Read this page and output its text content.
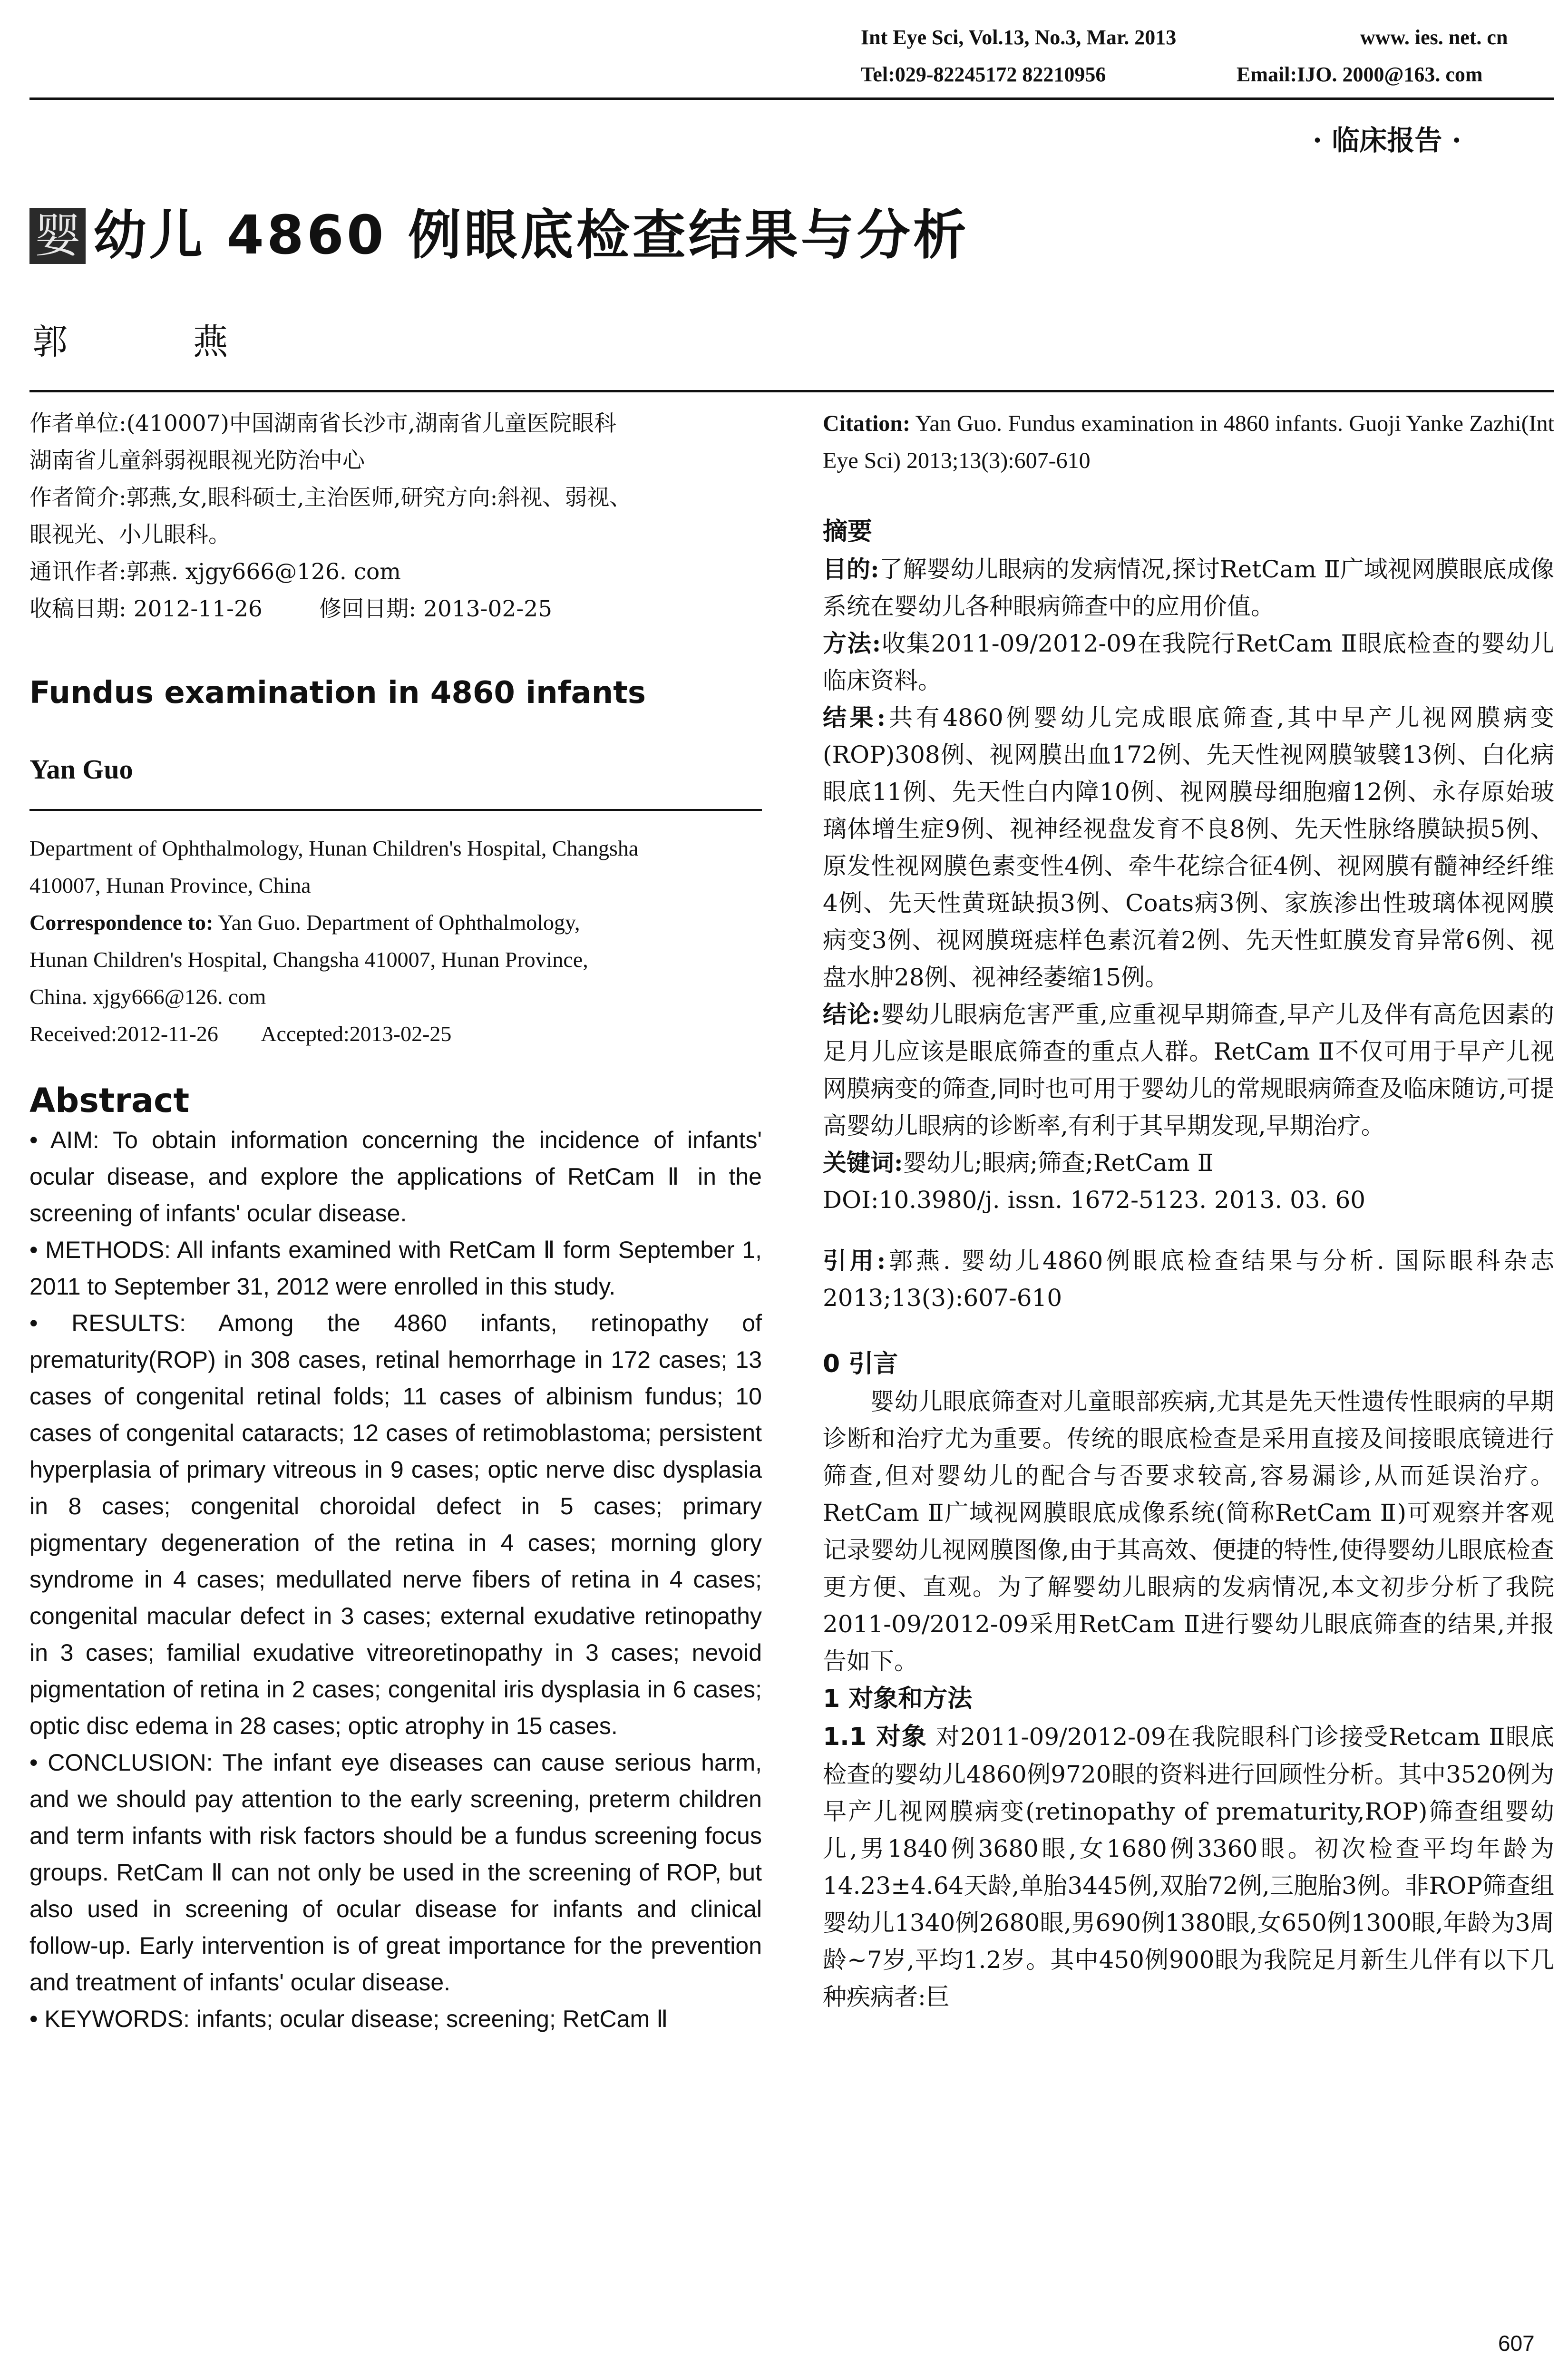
Int Eye Sci, Vol.13, No.3, Mar. 2013	www. ies. net. cn
Tel:029-82245172 82210956	Email:IJO. 2000@163. com
· 临床报告 ·
婴 幼儿 4860 例眼底检查结果与分析
郭 燕

作者单位:(410007)中国湖南省长沙市,湖南省儿童医院眼科

湖南省儿童斜弱视眼视光防治中心

作者简介:郭燕,女,眼科硕士,主治医师,研究方向:斜视、弱视、

眼视光、小儿眼科。

通讯作者:郭燕. xjgy666@126. com

收稿日期: 2012-11-26        修回日期: 2013-02-25

Fundus examination in 4860 infants
Yan Guo

Department of Ophthalmology, Hunan Children's Hospital, Changsha

410007, Hunan Province, China

Correspondence to: Yan Guo. Department of Ophthalmology,

Hunan Children's Hospital, Changsha 410007, Hunan Province,

China. xjgy666@126. com

Received:2012-11-26        Accepted:2013-02-25

Abstract

• AIM: To obtain information concerning the incidence of infants' ocular disease, and explore the applications of RetCam Ⅱ in the screening of infants' ocular disease.

• METHODS: All infants examined with RetCam Ⅱ form September 1, 2011 to September 31, 2012 were enrolled in this study.

• RESULTS: Among the 4860 infants, retinopathy of prematurity(ROP) in 308 cases, retinal hemorrhage in 172 cases; 13 cases of congenital retinal folds; 11 cases of albinism fundus; 10 cases of congenital cataracts; 12 cases of retimoblastoma; persistent hyperplasia of primary vitreous in 9 cases; optic nerve disc dysplasia in 8 cases; congenital choroidal defect in 5 cases; primary pigmentary degeneration of the retina in 4 cases; morning glory syndrome in 4 cases; medullated nerve fibers of retina in 4 cases; congenital macular defect in 3 cases; external exudative retinopathy in 3 cases; familial exudative vitreoretinopathy in 3 cases; nevoid pigmentation of retina in 2 cases; congenital iris dysplasia in 6 cases; optic disc edema in 28 cases; optic atrophy in 15 cases.

• CONCLUSION: The infant eye diseases can cause serious harm, and we should pay attention to the early screening, preterm children and term infants with risk factors should be a fundus screening focus groups. RetCam Ⅱ can not only be used in the screening of ROP, but also used in screening of ocular disease for infants and clinical follow-up. Early intervention is of great importance for the prevention and treatment of infants' ocular disease.

• KEYWORDS: infants; ocular disease; screening; RetCam Ⅱ

Citation: Yan Guo. Fundus examination in 4860 infants. Guoji Yanke Zazhi(Int Eye Sci) 2013;13(3):607-610

摘要

目的:了解婴幼儿眼病的发病情况,探讨RetCam Ⅱ广域视网膜眼底成像系统在婴幼儿各种眼病筛查中的应用价值。

方法:收集2011-09/2012-09在我院行RetCam Ⅱ眼底检查的婴幼儿临床资料。

结果:共有4860例婴幼儿完成眼底筛查,其中早产儿视网膜病变(ROP)308例、视网膜出血172例、先天性视网膜皱襞13例、白化病眼底11例、先天性白内障10例、视网膜母细胞瘤12例、永存原始玻璃体增生症9例、视神经视盘发育不良8例、先天性脉络膜缺损5例、原发性视网膜色素变性4例、牵牛花综合征4例、视网膜有髓神经纤维4例、先天性黄斑缺损3例、Coats病3例、家族渗出性玻璃体视网膜病变3例、视网膜斑痣样色素沉着2例、先天性虹膜发育异常6例、视盘水肿28例、视神经萎缩15例。

结论:婴幼儿眼病危害严重,应重视早期筛查,早产儿及伴有高危因素的足月儿应该是眼底筛查的重点人群。RetCam Ⅱ不仅可用于早产儿视网膜病变的筛查,同时也可用于婴幼儿的常规眼病筛查及临床随访,可提高婴幼儿眼病的诊断率,有利于其早期发现,早期治疗。

关键词:婴幼儿;眼病;筛查;RetCam Ⅱ

DOI:10.3980/j. issn. 1672-5123. 2013. 03. 60

引用:郭燕. 婴幼儿4860例眼底检查结果与分析. 国际眼科杂志2013;13(3):607-610

0 引言

婴幼儿眼底筛查对儿童眼部疾病,尤其是先天性遗传性眼病的早期诊断和治疗尤为重要。传统的眼底检查是采用直接及间接眼底镜进行筛查,但对婴幼儿的配合与否要求较高,容易漏诊,从而延误治疗。RetCam Ⅱ广域视网膜眼底成像系统(简称RetCam Ⅱ)可观察并客观记录婴幼儿视网膜图像,由于其高效、便捷的特性,使得婴幼儿眼底检查更方便、直观。为了解婴幼儿眼病的发病情况,本文初步分析了我院2011-09/2012-09采用RetCam Ⅱ进行婴幼儿眼底筛查的结果,并报告如下。

1 对象和方法

1.1 对象 对2011-09/2012-09在我院眼科门诊接受Retcam Ⅱ眼底检查的婴幼儿4860例9720眼的资料进行回顾性分析。其中3520例为早产儿视网膜病变(retinopathy of prematurity,ROP)筛查组婴幼儿,男1840例3680眼,女1680例3360眼。初次检查平均年龄为14.23±4.64天龄,单胎3445例,双胎72例,三胞胎3例。非ROP筛查组婴幼儿1340例2680眼,男690例1380眼,女650例1300眼,年龄为3周龄~7岁,平均1.2岁。其中450例900眼为我院足月新生儿伴有以下几种疾病者:巨

607
